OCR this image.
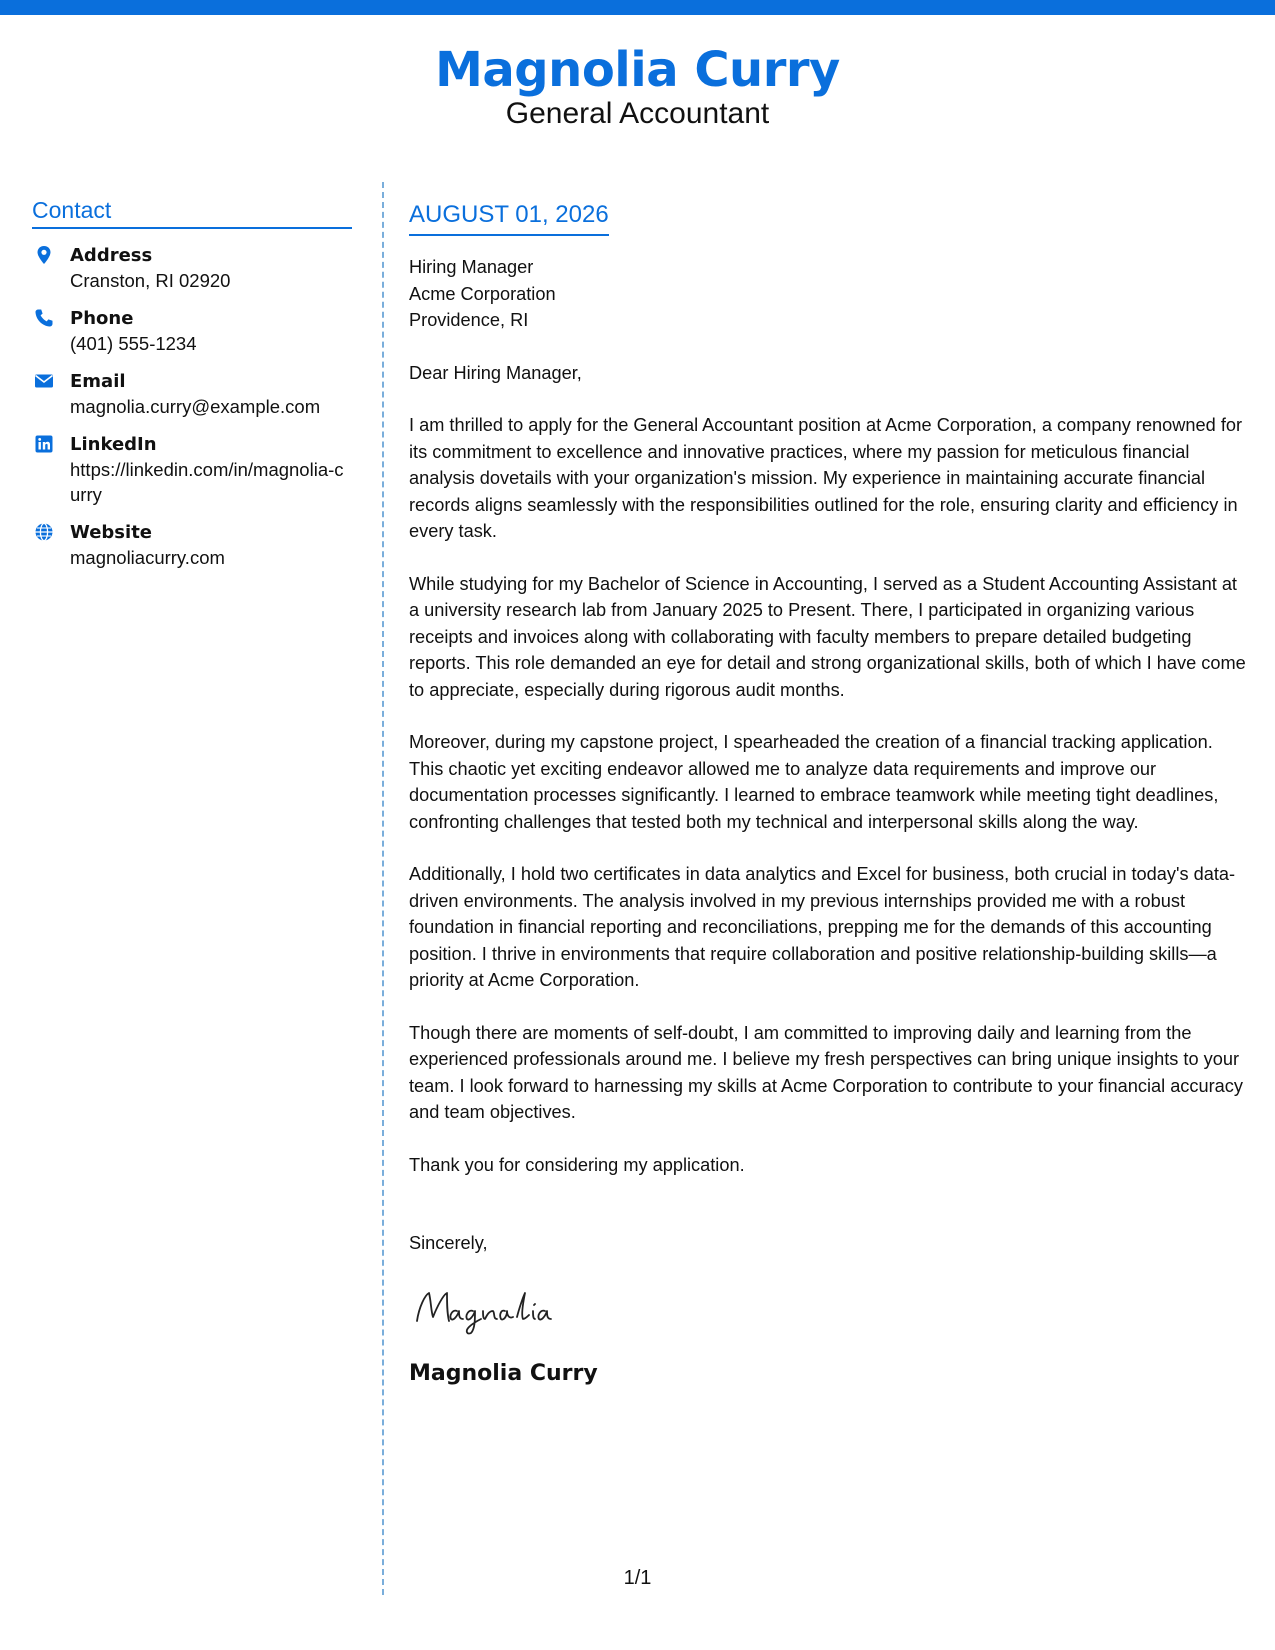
Magnolia Curry
General Accountant
Contact
Address
Cranston, RI 02920
Phone
(401) 555-1234
Email
magnolia.curry@example.com
LinkedIn
https://linkedin.com/in/magnolia-curry
Website
magnoliacurry.com
AUGUST 01, 2026
Hiring Manager
Acme Corporation
Providence, RI
Dear Hiring Manager,
I am thrilled to apply for the General Accountant position at Acme Corporation, a company renowned for its commitment to excellence and innovative practices, where my passion for meticulous financial analysis dovetails with your organization's mission. My experience in maintaining accurate financial records aligns seamlessly with the responsibilities outlined for the role, ensuring clarity and efficiency in every task.
While studying for my Bachelor of Science in Accounting, I served as a Student Accounting Assistant at a university research lab from January 2025 to Present. There, I participated in organizing various receipts and invoices along with collaborating with faculty members to prepare detailed budgeting reports. This role demanded an eye for detail and strong organizational skills, both of which I have come to appreciate, especially during rigorous audit months.
Moreover, during my capstone project, I spearheaded the creation of a financial tracking application. This chaotic yet exciting endeavor allowed me to analyze data requirements and improve our documentation processes significantly. I learned to embrace teamwork while meeting tight deadlines, confronting challenges that tested both my technical and interpersonal skills along the way.
Additionally, I hold two certificates in data analytics and Excel for business, both crucial in today's data-driven environments. The analysis involved in my previous internships provided me with a robust foundation in financial reporting and reconciliations, prepping me for the demands of this accounting position. I thrive in environments that require collaboration and positive relationship-building skills—a priority at Acme Corporation.
Though there are moments of self-doubt, I am committed to improving daily and learning from the experienced professionals around me. I believe my fresh perspectives can bring unique insights to your team. I look forward to harnessing my skills at Acme Corporation to contribute to your financial accuracy and team objectives.
Thank you for considering my application.
Sincerely,
Magnolia Curry
1/1
